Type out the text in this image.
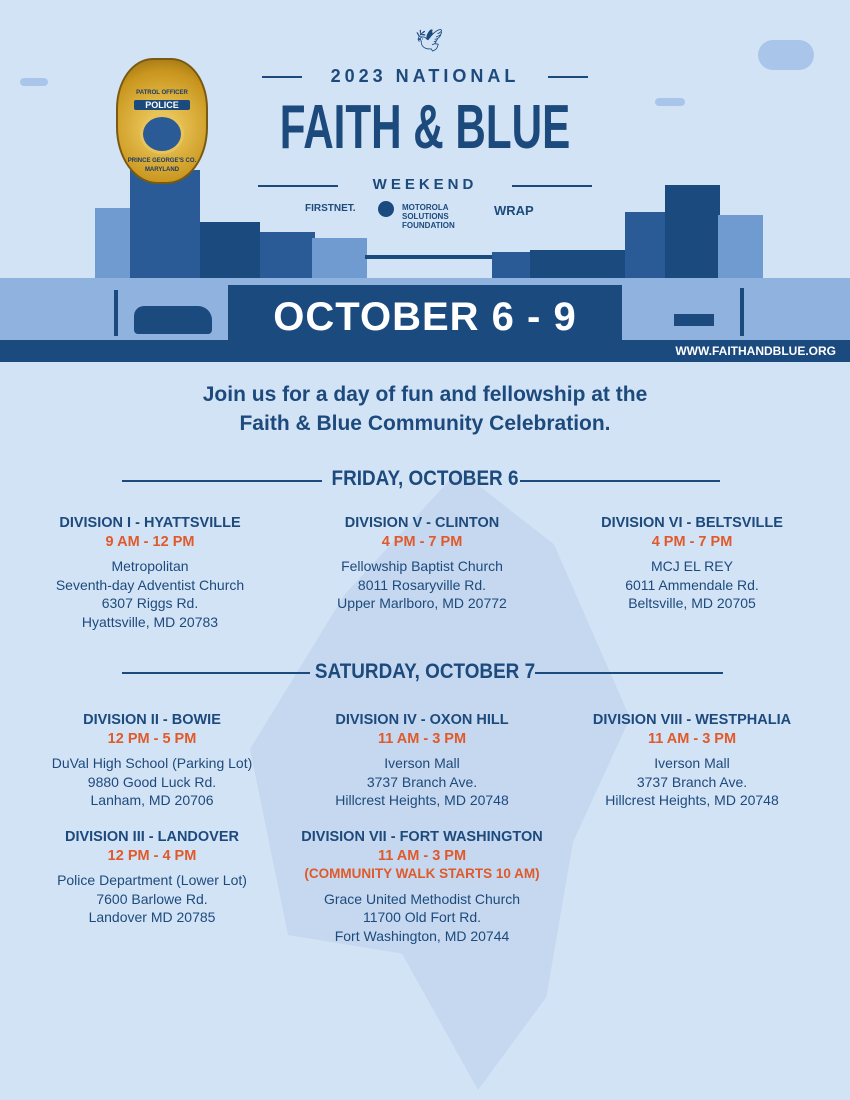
🕊
2023 NATIONAL
FAITH & BLUE
WEEKEND
FIRSTNET.	MOTOROLA SOLUTIONS FOUNDATION
WRAP
PATROL OFFICER
POLICE
PRINCE GEORGE'S CO.
MARYLAND
OCTOBER 6 - 9
WWW.FAITHANDBLUE.ORG
Join us for a day of fun and fellowship at the
Faith & Blue Community Celebration.
FRIDAY, OCTOBER 6
DIVISION I - HYATTSVILLE
9 AM - 12 PM
Metropolitan
Seventh-day Adventist Church
6307 Riggs Rd.
Hyattsville, MD 20783
DIVISION V - CLINTON
4 PM - 7 PM
Fellowship Baptist Church
8011 Rosaryville Rd.
Upper Marlboro, MD 20772
DIVISION VI - BELTSVILLE
4 PM - 7 PM
MCJ EL REY
6011 Ammendale Rd.
Beltsville, MD 20705
SATURDAY, OCTOBER 7
DIVISION II - BOWIE
12 PM - 5 PM
DuVal High School (Parking Lot)
9880 Good Luck Rd.
Lanham, MD 20706
DIVISION IV - OXON HILL
11 AM - 3 PM
Iverson Mall
3737 Branch Ave.
Hillcrest Heights, MD 20748
DIVISION VIII - WESTPHALIA
11 AM - 3 PM
Iverson Mall
3737 Branch Ave.
Hillcrest Heights, MD 20748
DIVISION III - LANDOVER
12 PM - 4 PM
Police Department (Lower Lot)
7600 Barlowe Rd.
Landover MD 20785
DIVISION VII - FORT WASHINGTON
11 AM - 3 PM
(COMMUNITY WALK STARTS 10 AM)
Grace United Methodist Church
11700 Old Fort Rd.
Fort Washington, MD 20744
